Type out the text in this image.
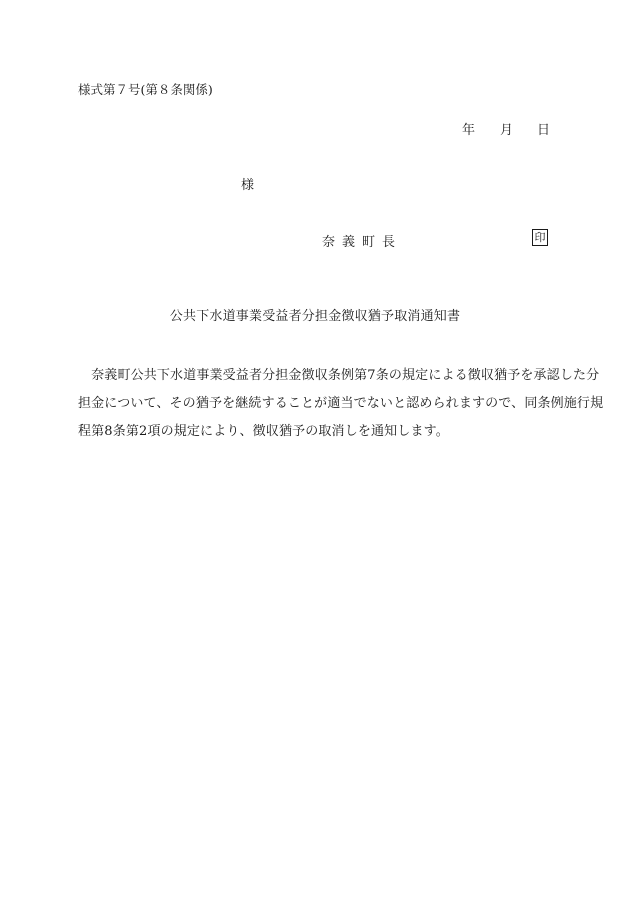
様式第７号(第８条関係)
年	月	日
様
奈義町長	印
公共下水道事業受益者分担金徴収猶予取消通知書
　奈義町公共下水道事業受益者分担金徴収条例第7条の規定による徴収猶予を承認した分
担金について、その猶予を継続することが適当でないと認められますので、同条例施行規
程第8条第2項の規定により、徴収猶予の取消しを通知します。
